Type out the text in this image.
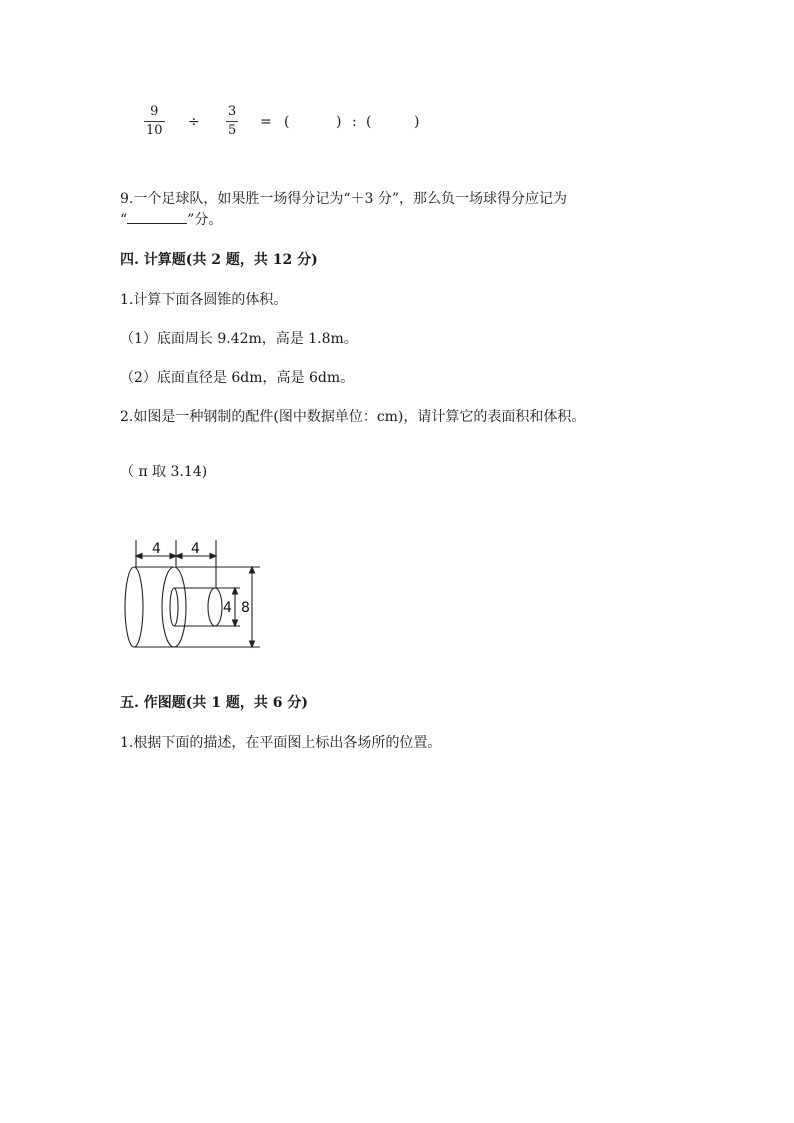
9
10
÷
3
5
= (	) : (	)
9.一个足球队，如果胜一场得分记为“＋3 分”，那么负一场球得分应记为
“	”分。
四. 计算题(共 2 题，共 12 分)
1.计算下面各圆锥的体积。
（1）底面周长 9.42m，高是 1.8m。
（2）底面直径是 6dm，高是 6dm。
2.如图是一种钢制的配件(图中数据单位：cm)，请计算它的表面积和体积。
（ π 取 3.14)
4 4
4 8
五. 作图题(共 1 题，共 6 分)
1.根据下面的描述，在平面图上标出各场所的位置。
